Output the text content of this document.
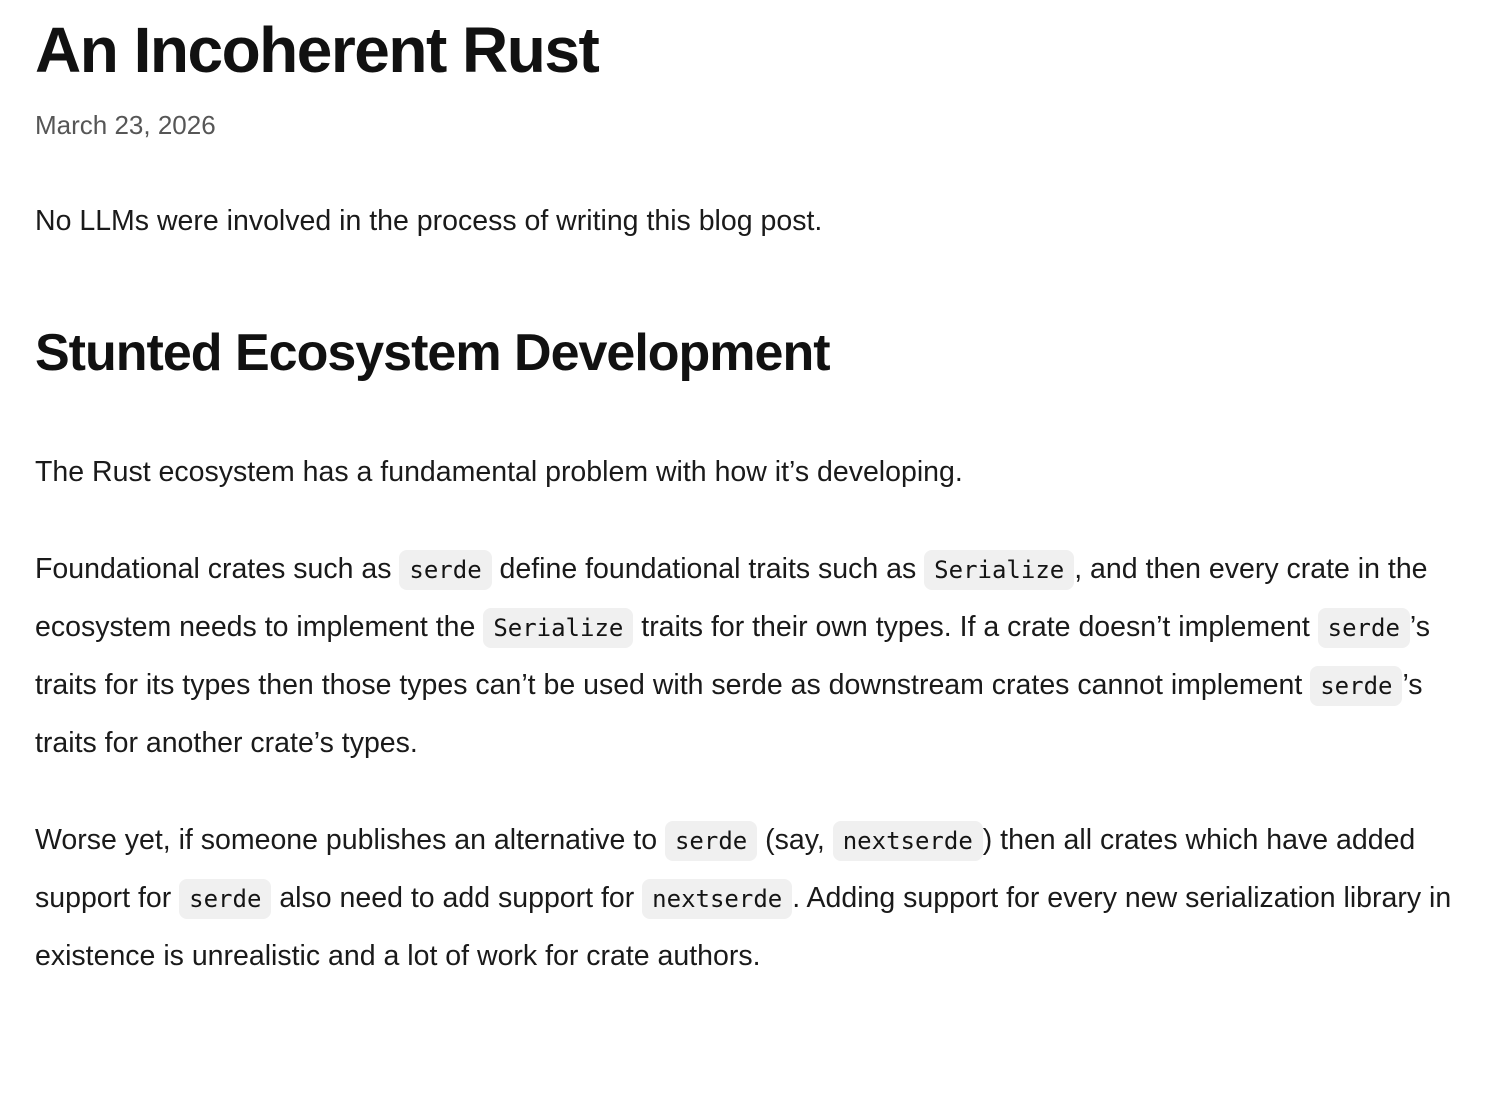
An Incoherent Rust
March 23, 2026

No LLMs were involved in the process of writing this blog post.

Stunted Ecosystem Development

The Rust ecosystem has a fundamental problem with how it’s developing.

Foundational crates such as serde define foundational traits such as Serialize , and then every crate in the ecosystem needs to implement the Serialize traits for their own types. If a crate doesn’t implement serde ’s traits for its types then those types can’t be used with serde as downstream crates cannot implement serde ’s traits for another crate’s types.

Worse yet, if someone publishes an alternative to serde (say, nextserde ) then all crates which have added support for serde also need to add support for nextserde . Adding support for every new serialization library in existence is unrealistic and a lot of work for crate authors.
